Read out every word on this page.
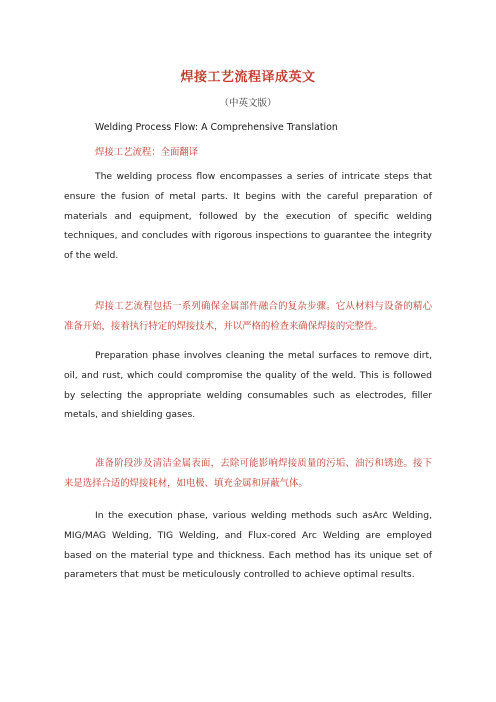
焊接工艺流程译成英文
（中英文版）
Welding Process Flow: A Comprehensive Translation
焊接工艺流程：全面翻译
The welding process flow encompasses a series of intricate steps that ensure the fusion of metal parts. It begins with the careful preparation of materials and equipment, followed by the execution of specific welding techniques, and concludes with rigorous inspections to guarantee the integrity of the weld.
焊接工艺流程包括一系列确保金属部件融合的复杂步骤。它从材料与设备的精心准备开始，接着执行特定的焊接技术，并以严格的检查来确保焊接的完整性。
Preparation phase involves cleaning the metal surfaces to remove dirt, oil, and rust, which could compromise the quality of the weld. This is followed by selecting the appropriate welding consumables such as electrodes, filler metals, and shielding gases.
准备阶段涉及清洁金属表面，去除可能影响焊接质量的污垢、油污和锈迹。接下来是选择合适的焊接耗材，如电极、填充金属和屏蔽气体。
In the execution phase, various welding methods such asArc Welding, MIG/MAG Welding, TIG Welding, and Flux-cored Arc Welding are employed based on the material type and thickness. Each method has its unique set of parameters that must be meticulously controlled to achieve optimal results.
